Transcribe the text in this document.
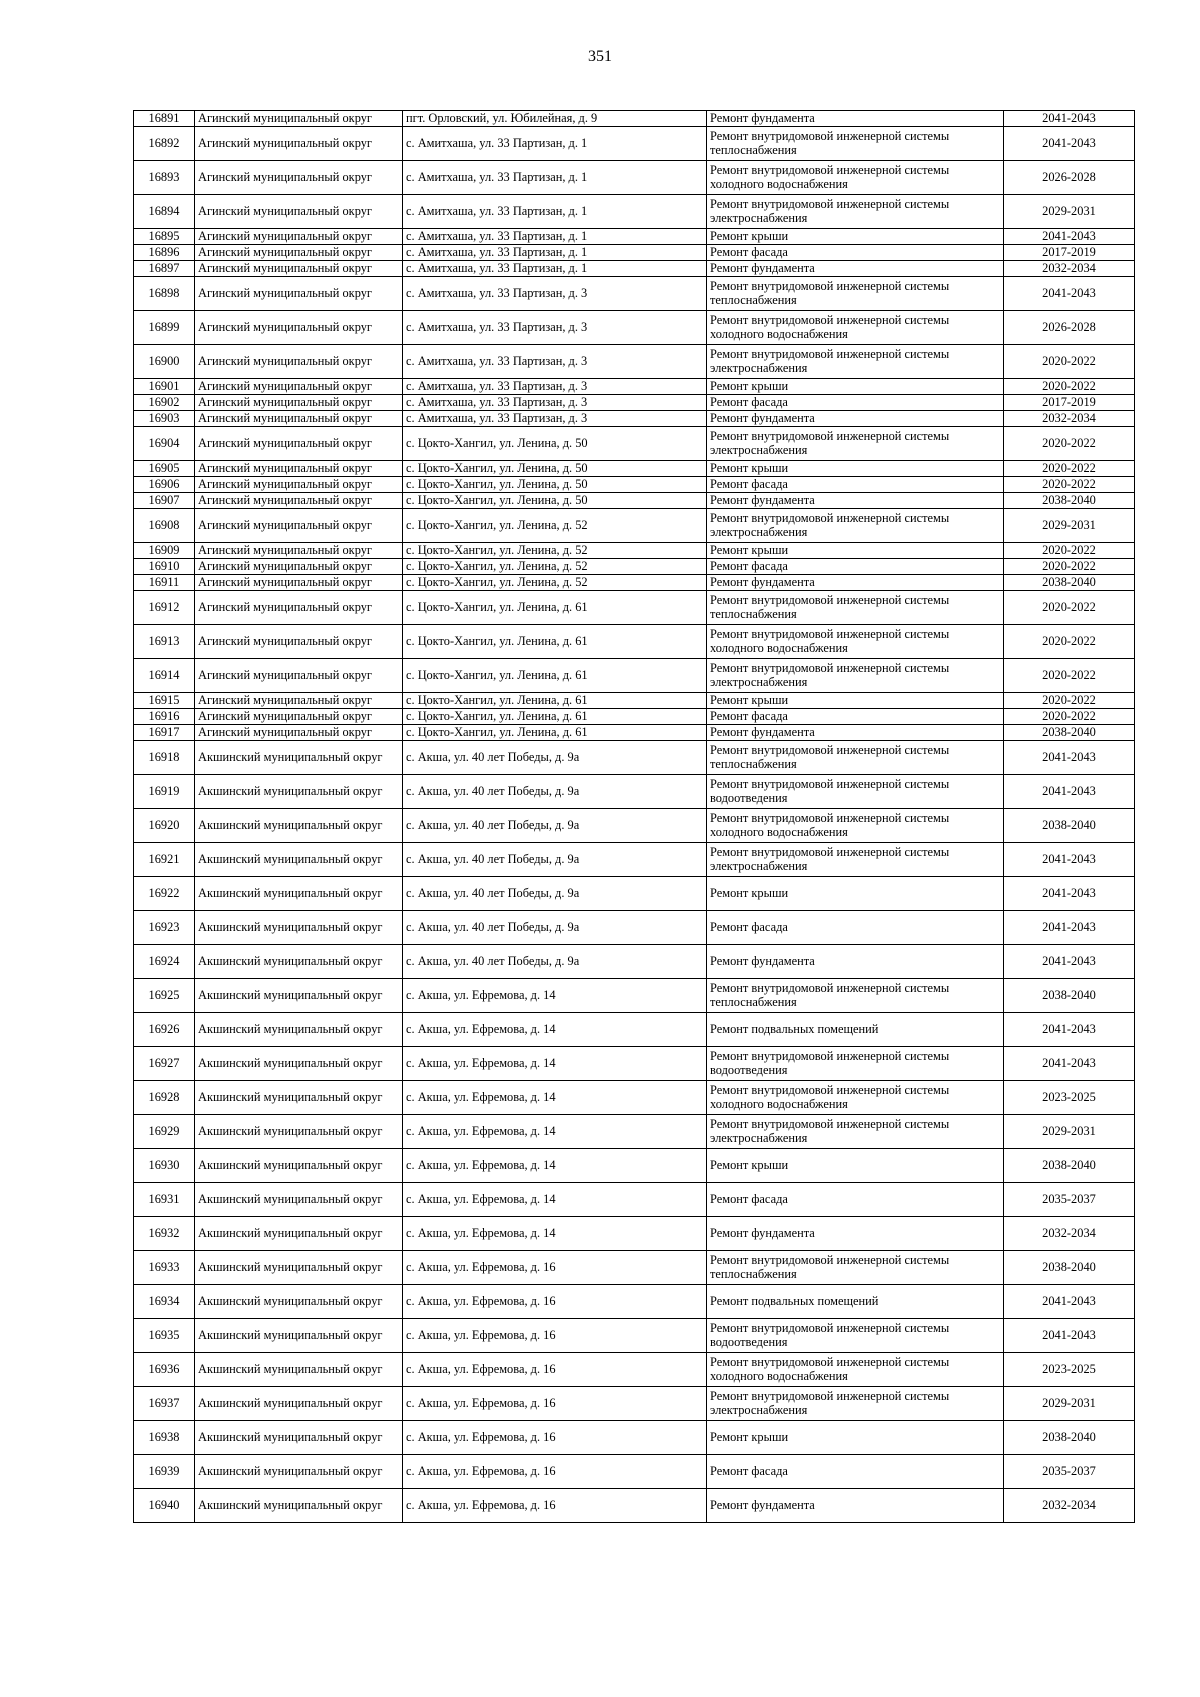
351
16891	Агинский муниципальный округ	пгт. Орловский, ул. Юбилейная, д. 9	Ремонт фундамента	2041-2043
16892	Агинский муниципальный округ	с. Амитхаша, ул. 33 Партизан, д. 1	Ремонт внутридомовой инженерной системы теплоснабжения	2041-2043
16893	Агинский муниципальный округ	с. Амитхаша, ул. 33 Партизан, д. 1	Ремонт внутридомовой инженерной системы холодного водоснабжения	2026-2028
16894	Агинский муниципальный округ	с. Амитхаша, ул. 33 Партизан, д. 1	Ремонт внутридомовой инженерной системы электроснабжения	2029-2031
16895	Агинский муниципальный округ	с. Амитхаша, ул. 33 Партизан, д. 1	Ремонт крыши	2041-2043
16896	Агинский муниципальный округ	с. Амитхаша, ул. 33 Партизан, д. 1	Ремонт фасада	2017-2019
16897	Агинский муниципальный округ	с. Амитхаша, ул. 33 Партизан, д. 1	Ремонт фундамента	2032-2034
16898	Агинский муниципальный округ	с. Амитхаша, ул. 33 Партизан, д. 3	Ремонт внутридомовой инженерной системы теплоснабжения	2041-2043
16899	Агинский муниципальный округ	с. Амитхаша, ул. 33 Партизан, д. 3	Ремонт внутридомовой инженерной системы холодного водоснабжения	2026-2028
16900	Агинский муниципальный округ	с. Амитхаша, ул. 33 Партизан, д. 3	Ремонт внутридомовой инженерной системы электроснабжения	2020-2022
16901	Агинский муниципальный округ	с. Амитхаша, ул. 33 Партизан, д. 3	Ремонт крыши	2020-2022
16902	Агинский муниципальный округ	с. Амитхаша, ул. 33 Партизан, д. 3	Ремонт фасада	2017-2019
16903	Агинский муниципальный округ	с. Амитхаша, ул. 33 Партизан, д. 3	Ремонт фундамента	2032-2034
16904	Агинский муниципальный округ	с. Цокто-Хангил, ул. Ленина, д. 50	Ремонт внутридомовой инженерной системы электроснабжения	2020-2022
16905	Агинский муниципальный округ	с. Цокто-Хангил, ул. Ленина, д. 50	Ремонт крыши	2020-2022
16906	Агинский муниципальный округ	с. Цокто-Хангил, ул. Ленина, д. 50	Ремонт фасада	2020-2022
16907	Агинский муниципальный округ	с. Цокто-Хангил, ул. Ленина, д. 50	Ремонт фундамента	2038-2040
16908	Агинский муниципальный округ	с. Цокто-Хангил, ул. Ленина, д. 52	Ремонт внутридомовой инженерной системы электроснабжения	2029-2031
16909	Агинский муниципальный округ	с. Цокто-Хангил, ул. Ленина, д. 52	Ремонт крыши	2020-2022
16910	Агинский муниципальный округ	с. Цокто-Хангил, ул. Ленина, д. 52	Ремонт фасада	2020-2022
16911	Агинский муниципальный округ	с. Цокто-Хангил, ул. Ленина, д. 52	Ремонт фундамента	2038-2040
16912	Агинский муниципальный округ	с. Цокто-Хангил, ул. Ленина, д. 61	Ремонт внутридомовой инженерной системы теплоснабжения	2020-2022
16913	Агинский муниципальный округ	с. Цокто-Хангил, ул. Ленина, д. 61	Ремонт внутридомовой инженерной системы холодного водоснабжения	2020-2022
16914	Агинский муниципальный округ	с. Цокто-Хангил, ул. Ленина, д. 61	Ремонт внутридомовой инженерной системы электроснабжения	2020-2022
16915	Агинский муниципальный округ	с. Цокто-Хангил, ул. Ленина, д. 61	Ремонт крыши	2020-2022
16916	Агинский муниципальный округ	с. Цокто-Хангил, ул. Ленина, д. 61	Ремонт фасада	2020-2022
16917	Агинский муниципальный округ	с. Цокто-Хангил, ул. Ленина, д. 61	Ремонт фундамента	2038-2040
16918	Акшинский муниципальный округ	с. Акша, ул. 40 лет Победы, д. 9а	Ремонт внутридомовой инженерной системы теплоснабжения	2041-2043
16919	Акшинский муниципальный округ	с. Акша, ул. 40 лет Победы, д. 9а	Ремонт внутридомовой инженерной системы водоотведения	2041-2043
16920	Акшинский муниципальный округ	с. Акша, ул. 40 лет Победы, д. 9а	Ремонт внутридомовой инженерной системы холодного водоснабжения	2038-2040
16921	Акшинский муниципальный округ	с. Акша, ул. 40 лет Победы, д. 9а	Ремонт внутридомовой инженерной системы электроснабжения	2041-2043
16922	Акшинский муниципальный округ	с. Акша, ул. 40 лет Победы, д. 9а	Ремонт крыши	2041-2043
16923	Акшинский муниципальный округ	с. Акша, ул. 40 лет Победы, д. 9а	Ремонт фасада	2041-2043
16924	Акшинский муниципальный округ	с. Акша, ул. 40 лет Победы, д. 9а	Ремонт фундамента	2041-2043
16925	Акшинский муниципальный округ	с. Акша, ул. Ефремова, д. 14	Ремонт внутридомовой инженерной системы теплоснабжения	2038-2040
16926	Акшинский муниципальный округ	с. Акша, ул. Ефремова, д. 14	Ремонт подвальных помещений	2041-2043
16927	Акшинский муниципальный округ	с. Акша, ул. Ефремова, д. 14	Ремонт внутридомовой инженерной системы водоотведения	2041-2043
16928	Акшинский муниципальный округ	с. Акша, ул. Ефремова, д. 14	Ремонт внутридомовой инженерной системы холодного водоснабжения	2023-2025
16929	Акшинский муниципальный округ	с. Акша, ул. Ефремова, д. 14	Ремонт внутридомовой инженерной системы электроснабжения	2029-2031
16930	Акшинский муниципальный округ	с. Акша, ул. Ефремова, д. 14	Ремонт крыши	2038-2040
16931	Акшинский муниципальный округ	с. Акша, ул. Ефремова, д. 14	Ремонт фасада	2035-2037
16932	Акшинский муниципальный округ	с. Акша, ул. Ефремова, д. 14	Ремонт фундамента	2032-2034
16933	Акшинский муниципальный округ	с. Акша, ул. Ефремова, д. 16	Ремонт внутридомовой инженерной системы теплоснабжения	2038-2040
16934	Акшинский муниципальный округ	с. Акша, ул. Ефремова, д. 16	Ремонт подвальных помещений	2041-2043
16935	Акшинский муниципальный округ	с. Акша, ул. Ефремова, д. 16	Ремонт внутридомовой инженерной системы водоотведения	2041-2043
16936	Акшинский муниципальный округ	с. Акша, ул. Ефремова, д. 16	Ремонт внутридомовой инженерной системы холодного водоснабжения	2023-2025
16937	Акшинский муниципальный округ	с. Акша, ул. Ефремова, д. 16	Ремонт внутридомовой инженерной системы электроснабжения	2029-2031
16938	Акшинский муниципальный округ	с. Акша, ул. Ефремова, д. 16	Ремонт крыши	2038-2040
16939	Акшинский муниципальный округ	с. Акша, ул. Ефремова, д. 16	Ремонт фасада	2035-2037
16940	Акшинский муниципальный округ	с. Акша, ул. Ефремова, д. 16	Ремонт фундамента	2032-2034
